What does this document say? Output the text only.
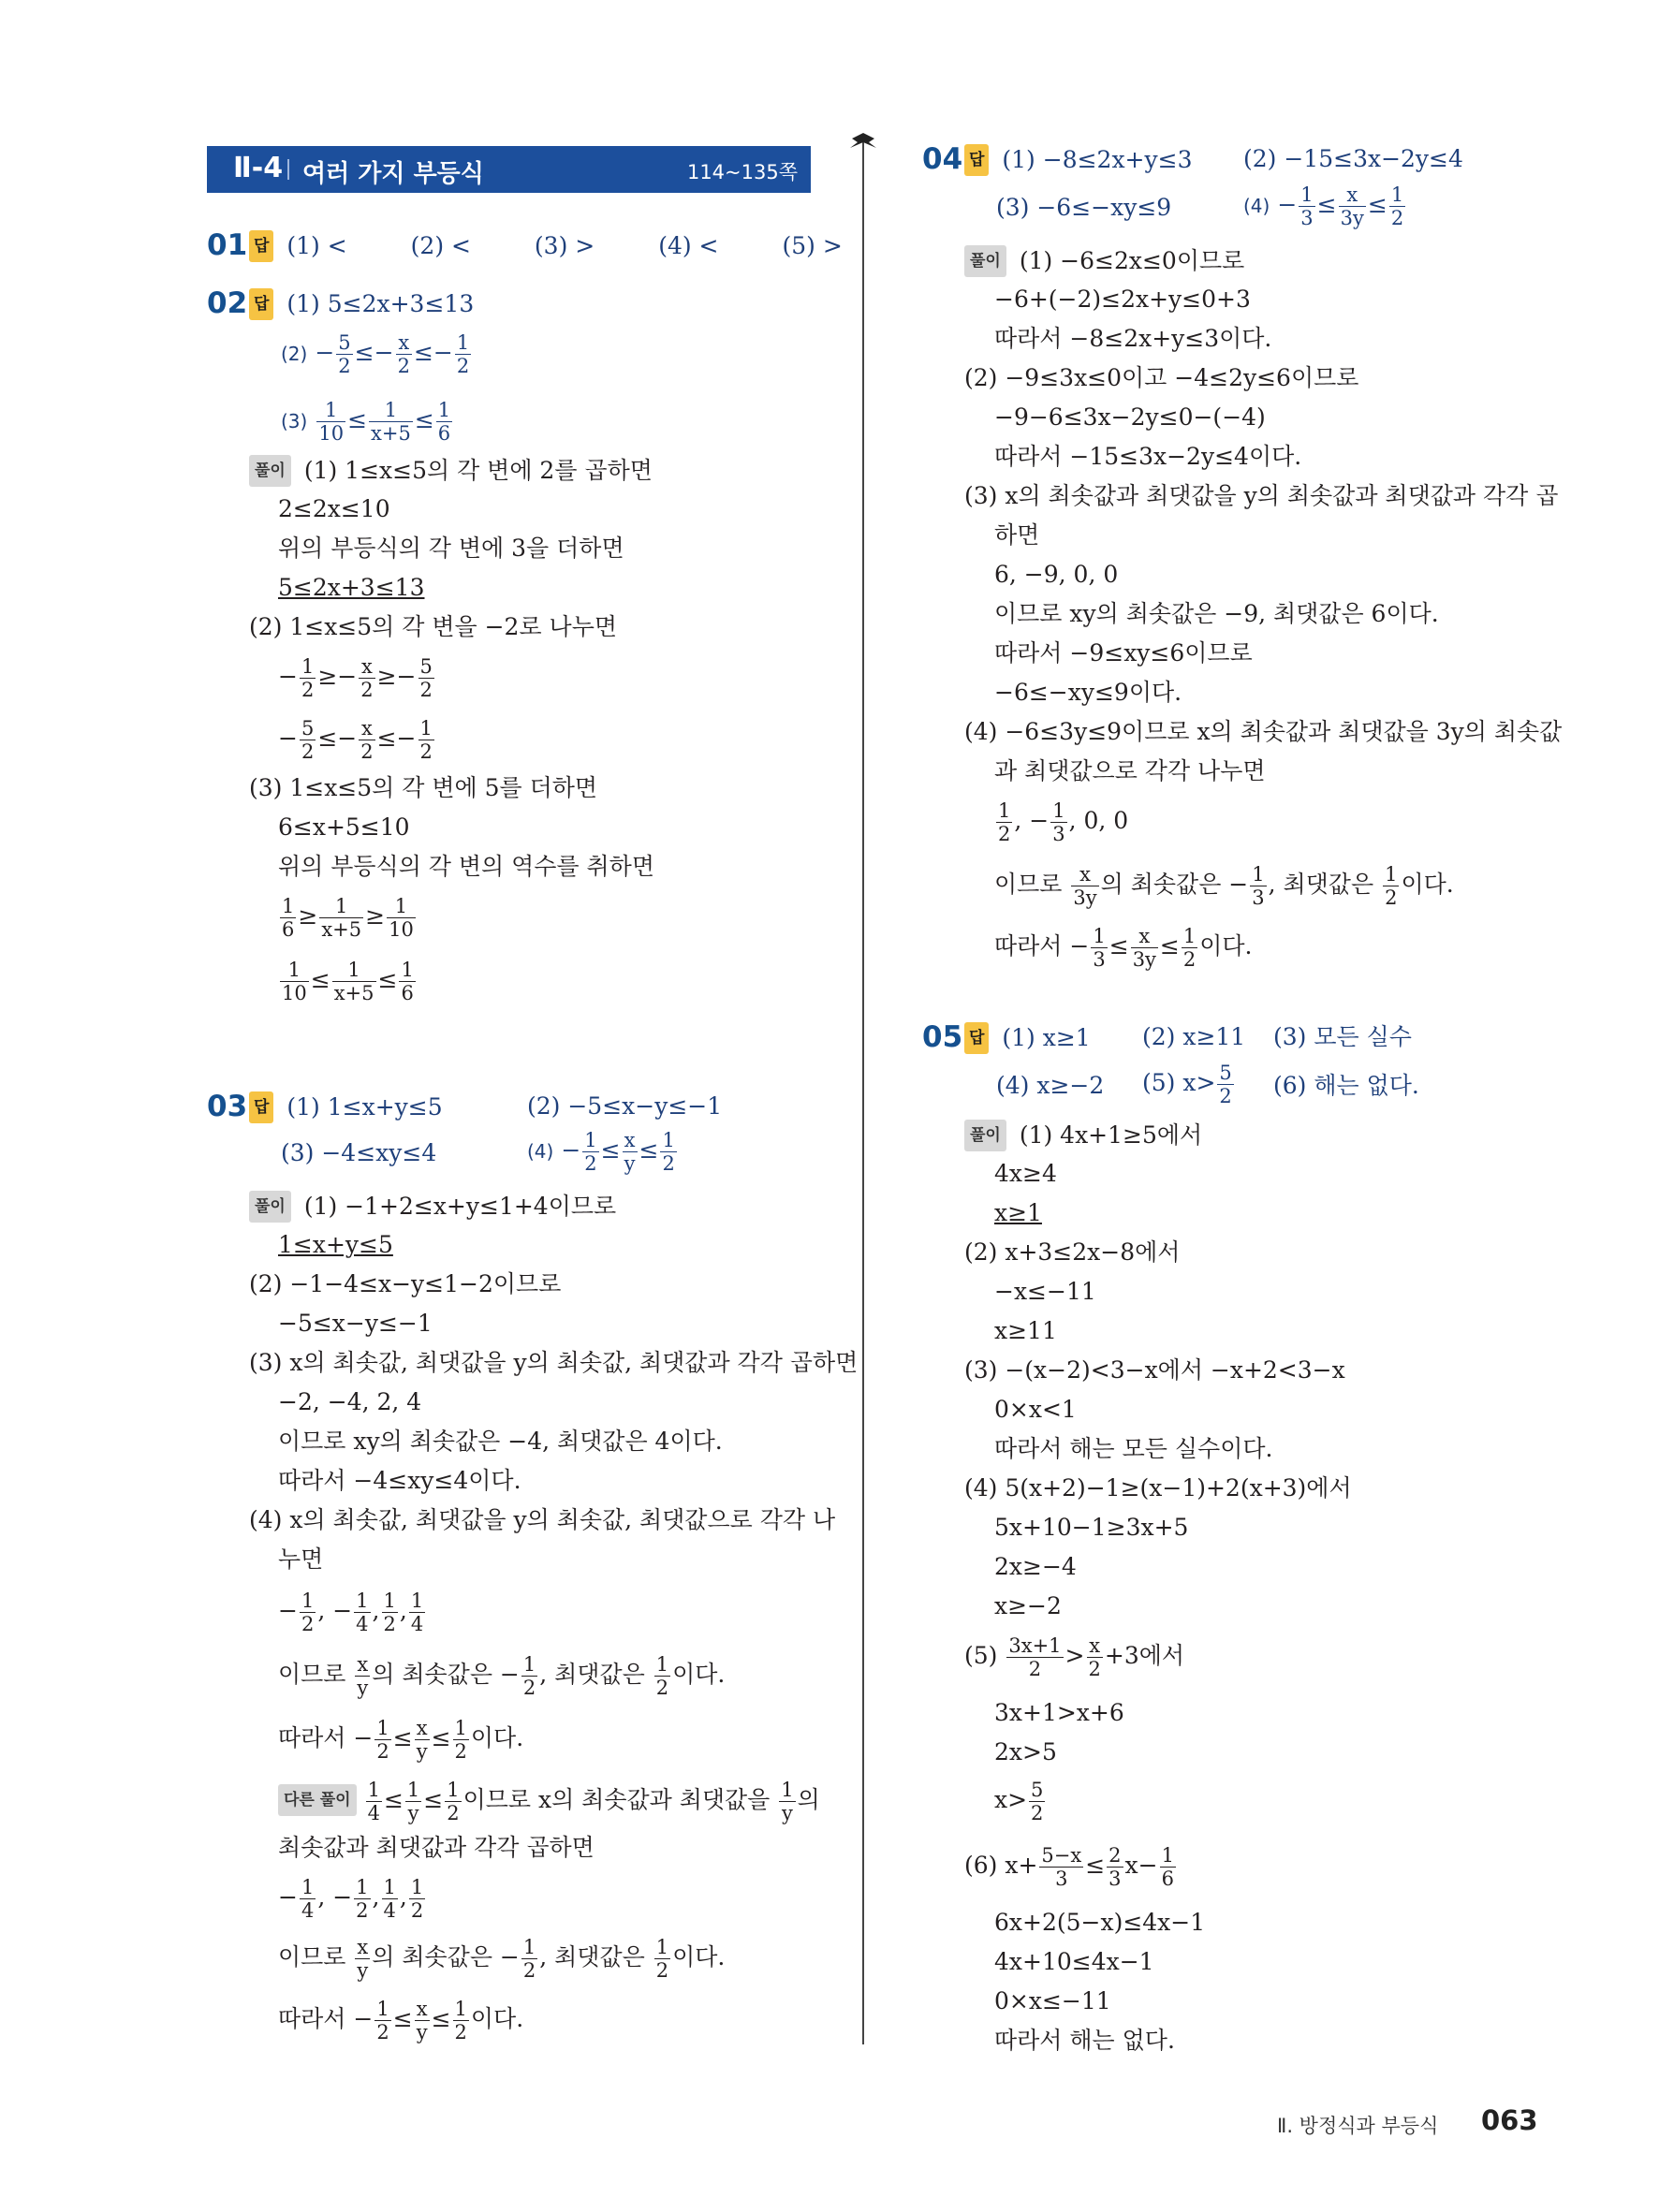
Ⅱ-4 여러 가지 부등식	114~135쪽
01 답 (1) <	(2) <	(3) >	(4) <	(5) >
02 답 (1) 5≤2x+3≤13
$(2) - \frac{5}{2} \le- \frac{x}{2} \le- \frac{1}{2}$
$(3) \frac{1}{10} \le \frac{1}{x+5} \le \frac{1}{6}$
풀이 (1) 1≤x≤5의 각 변에 2를 곱하면
2≤2x≤10
위의 부등식의 각 변에 3을 더하면
5≤2x+3≤13
(2) 1≤x≤5의 각 변을 −2로 나누면
− $\frac{1}{2} \ge- \frac{x}{2} \ge- \frac{5}{2}$
− $\frac{5}{2} \le- \frac{x}{2} \le- \frac{1}{2}$
(3) 1≤x≤5의 각 변에 5를 더하면
6≤x+5≤10
위의 부등식의 각 변의 역수를 취하면
$\frac{1}{6} \ge \frac{1}{x+5} \ge \frac{1}{10}$
$\frac{1}{10} \le \frac{1}{x+5} \le \frac{1}{6}$
03 답 (1) 1≤x+y≤5	(2) −5≤x−y≤−1
(3) −4≤xy≤4	$(4) - \frac{1}{2} \le \frac{x}{y} \le \frac{1}{2}$
풀이 (1) −1+2≤x+y≤1+4이므로
1≤x+y≤5
(2) −1−4≤x−y≤1−2이므로
−5≤x−y≤−1
(3) x의 최솟값, 최댓값을 y의 최솟값, 최댓값과 각각 곱하면
−2, −4, 2, 4
이므로 xy의 최솟값은 −4, 최댓값은 4이다.
따라서 −4≤xy≤4이다.
(4) x의 최솟값, 최댓값을 y의 최솟값, 최댓값으로 각각 나
누면
− $\frac{1}{2}$ , − $\frac{1}{4}$ , $\frac{1}{2}$ , $\frac{1}{4}$
이므로 $\frac{x}{y}$ 의 최솟값은 − $\frac{1}{2}$ , 최댓값은 $\frac{1}{2}$ 이다.
따라서 − $\frac{1}{2} \le \frac{x}{y} \le \frac{1}{2}$ 이다.
다른 풀이 $\frac{1}{4} \le \frac{1}{y} \le \frac{1}{2}$ 이므로 x의 최솟값과 최댓값을 $\frac{1}{y}$ 의
최솟값과 최댓값과 각각 곱하면
− $\frac{1}{4}$ , − $\frac{1}{2}$ , $\frac{1}{4}$ , $\frac{1}{2}$
이므로 $\frac{x}{y}$ 의 최솟값은 − $\frac{1}{2}$ , 최댓값은 $\frac{1}{2}$ 이다.
따라서 − $\frac{1}{2} \le \frac{x}{y} \le \frac{1}{2}$ 이다.
04 답 (1) −8≤2x+y≤3 (2) −15≤3x−2y≤4
(3) −6≤−xy≤9	$(4) - \frac{1}{3} \le \frac{x}{3y} \le \frac{1}{2}$
풀이 (1) −6≤2x≤0이므로
−6+(−2)≤2x+y≤0+3
따라서 −8≤2x+y≤3이다.
(2) −9≤3x≤0이고 −4≤2y≤6이므로
−9−6≤3x−2y≤0−(−4)
따라서 −15≤3x−2y≤4이다.
(3) x의 최솟값과 최댓값을 y의 최솟값과 최댓값과 각각 곱
하면
6, −9, 0, 0
이므로 xy의 최솟값은 −9, 최댓값은 6이다.
따라서 −9≤xy≤6이므로
−6≤−xy≤9이다.
(4) −6≤3y≤9이므로 x의 최솟값과 최댓값을 3y의 최솟값
과 최댓값으로 각각 나누면
$\frac{1}{2}$ , − $\frac{1}{3}$ , 0, 0
이므로 $\frac{x}{3y}$ 의 최솟값은 − $\frac{1}{3}$ , 최댓값은 $\frac{1}{2}$ 이다.
따라서 − $\frac{1}{3} \le \frac{x}{3y} \le \frac{1}{2}$ 이다.
05 답 (1) x≥1 (2) x≥11 (3) 모든 실수
(4) x≥−2 (5) $x> \frac{5}{2} (6)$ 해는 없다.
풀이 (1) 4x+1≥5에서
4x≥4
x≥1
(2) x+3≤2x−8에서
−x≤−11
x≥11
(3) −(x−2)<3−x에서 −x+2<3−x
0×x<1
따라서 해는 모든 실수이다.
(4) 5(x+2)−1≥(x−1)+2(x+3)에서
5x+10−1≥3x+5
2x≥−4
x≥−2
$(5) \frac{3x+1}{2} > \frac{x}{2} +3$에서
3x+1>x+6
2x>5
$x> \frac{5}{2}$
(6) $x+ \frac{5-x}{3} \le \frac{2}{3} x- \frac{1}{6}$
6x+2(5−x)≤4x−1
4x+10≤4x−1
0×x≤−11
따라서 해는 없다.
Ⅱ. 방정식과 부등식 063
